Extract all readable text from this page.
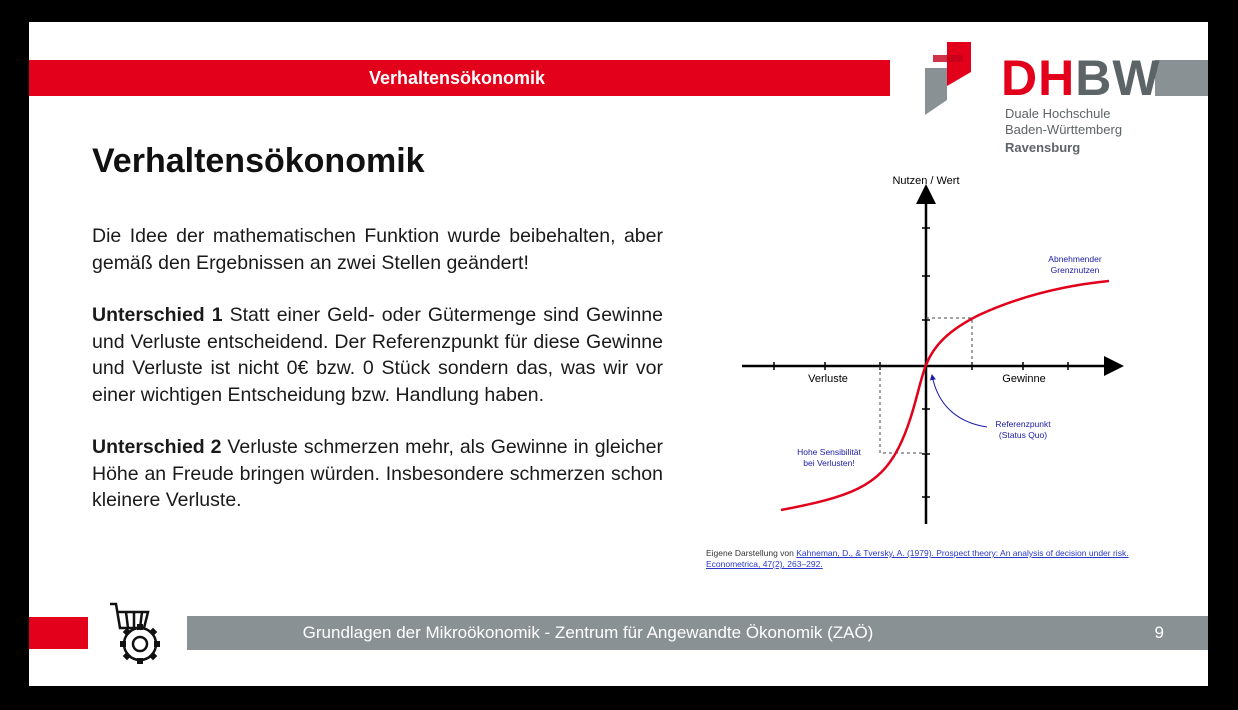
Verhaltensökonomik	DHBW
Duale Hochschule
Baden-Württemberg
Ravensburg
Verhaltensökonomik

Die Idee der mathematischen Funktion wurde beibehalten, aber gemäß den Ergebnissen an zwei Stellen geändert!

Unterschied 1 Statt einer Geld- oder Gütermenge sind Gewinne und Verluste entscheidend. Der Referenzpunkt für diese Gewinne und Verluste ist nicht 0€ bzw. 0 Stück sondern das, was wir vor einer wichtigen Entscheidung bzw. Handlung haben.

Unterschied 2 Verluste schmerzen mehr, als Gewinne in gleicher Höhe an Freude bringen würden. Insbesondere schmerzen schon kleinere Verluste.

Nutzen / Wert
Verluste	Gewinne
Abnehmender
Grenznutzen
Referenzpunkt
(Status Quo)
Hohe Sensibilität
bei Verlusten!
Eigene Darstellung von Kahneman, D., & Tversky, A. (1979). Prospect theory: An analysis of decision under risk. Econometrica, 47(2), 263–292.
Grundlagen der Mikroökonomik - Zentrum für Angewandte Ökonomik (ZAÖ)	9
